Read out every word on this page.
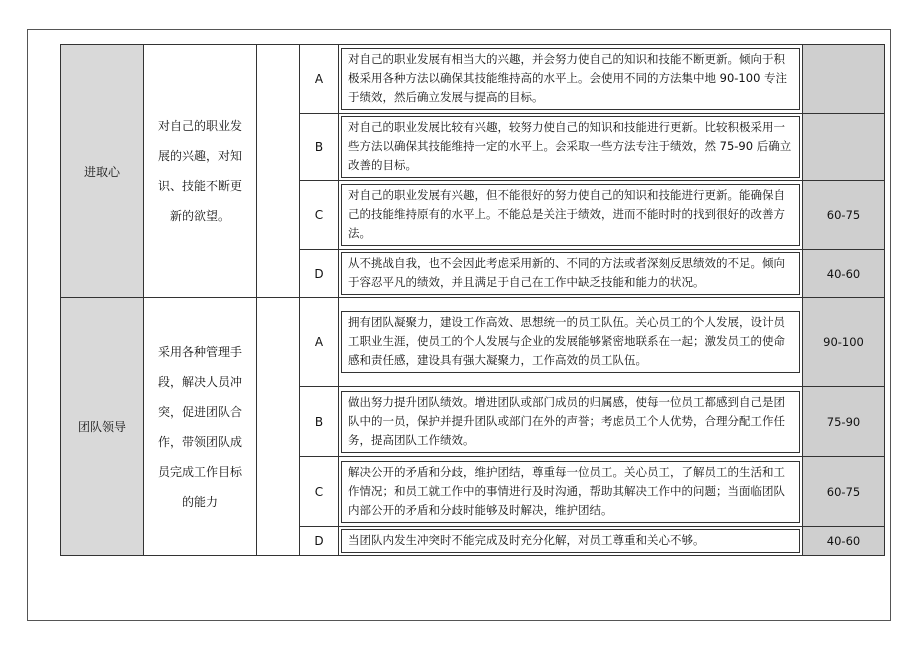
进取心	对自己的职业发展的兴趣，对知识、技能不断更新的欲望。		A	对自己的职业发展有相当大的兴趣，并会努力使自己的知识和技能不断更新。倾向于积极采用各种方法以确保其技能维持高的水平上。会使用不同的方法集中地 90-100 专注于绩效，然后确立发展与提高的目标。	

			B	对自己的职业发展比较有兴趣，较努力使自己的知识和技能进行更新。比较积极采用一些方法以确保其技能维持一定的水平上。会采取一些方法专注于绩效，然 75-90 后确立改善的目标。	

			C	对自己的职业发展有兴趣，但不能很好的努力使自己的知识和技能进行更新。能确保自己的技能维持原有的水平上。不能总是关注于绩效，进而不能时时的找到很好的改善方法。	60-75

			D	从不挑战自我，也不会因此考虑采用新的、不同的方法或者深刻反思绩效的不足。倾向于容忍平凡的绩效，并且满足于自己在工作中缺乏技能和能力的状况。	40-60

团队领导	采用各种管理手段，解决人员冲突，促进团队合作，带领团队成员完成工作目标的能力		A	拥有团队凝聚力，建设工作高效、思想统一的员工队伍。关心员工的个人发展，设计员工职业生涯，使员工的个人发展与企业的发展能够紧密地联系在一起；激发员工的使命感和责任感，建设具有强大凝聚力，工作高效的员工队伍。	90-100

			B	做出努力提升团队绩效。增进团队或部门成员的归属感，使每一位员工都感到自己是团队中的一员，保护并提升团队或部门在外的声誉；考虑员工个人优势，合理分配工作任务，提高团队工作绩效。	75-90

			C	解决公开的矛盾和分歧，维护团结，尊重每一位员工。关心员工，了解员工的生活和工作情况；和员工就工作中的事情进行及时沟通，帮助其解决工作中的问题；当面临团队内部公开的矛盾和分歧时能够及时解决，维护团结。	60-75

			D	当团队内发生冲突时不能完成及时充分化解，对员工尊重和关心不够。	40-60
